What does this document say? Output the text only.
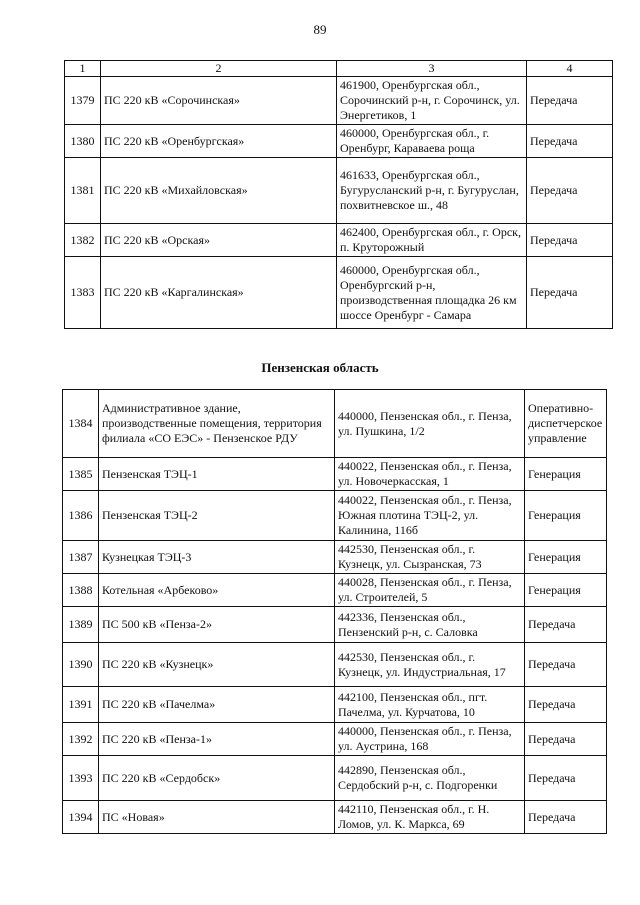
89
1	2	3	4
1379	ПС 220 кВ «Сорочинская»	461900, Оренбургская обл., Сорочинский р-н, г. Сорочинск, ул. Энергетиков, 1	Передача
1380	ПС 220 кВ «Оренбургская»	460000, Оренбургская обл., г. Оренбург, Караваева роща	Передача
1381	ПС 220 кВ «Михайловская»	461633, Оренбургская обл., Бугурусланский р-н, г. Бугуруслан, похвитневское ш., 48	Передача
1382	ПС 220 кВ «Орская»	462400, Оренбургская обл., г. Орск, п. Круторожный	Передача
1383	ПС 220 кВ «Каргалинская»	460000, Оренбургская обл., Оренбургский р-н, производственная площадка 26 км шоссе Оренбург - Самара	Передача
Пензенская область
1384	Административное здание, производственные помещения, территория филиала «СО ЕЭС» - Пензенское РДУ	440000, Пензенская обл., г. Пенза, ул. Пушкина, 1/2	Оперативно-диспетчерское управление
1385	Пензенская ТЭЦ-1	440022, Пензенская обл., г. Пенза, ул. Новочеркасская, 1	Генерация
1386	Пензенская ТЭЦ-2	440022, Пензенская обл., г. Пенза, Южная плотина ТЭЦ-2, ул. Калинина, 116б	Генерация
1387	Кузнецкая ТЭЦ-3	442530, Пензенская обл., г. Кузнецк, ул. Сызранская, 73	Генерация
1388	Котельная «Арбеково»	440028, Пензенская обл., г. Пенза, ул. Строителей, 5	Генерация
1389	ПС 500 кВ «Пенза-2»	442336, Пензенская обл., Пензенский р-н, с. Саловка	Передача
1390	ПС 220 кВ «Кузнецк»	442530, Пензенская обл., г. Кузнецк, ул. Индустриальная, 17	Передача
1391	ПС 220 кВ «Пачелма»	442100, Пензенская обл., пгт. Пачелма, ул. Курчатова, 10	Передача
1392	ПС 220 кВ «Пенза-1»	440000, Пензенская обл., г. Пенза, ул. Аустрина, 168	Передача
1393	ПС 220 кВ «Сердобск»	442890, Пензенская обл., Сердобский р-н, с. Подгоренки	Передача
1394	ПС «Новая»	442110, Пензенская обл., г. Н. Ломов, ул. К. Маркса, 69	Передача
